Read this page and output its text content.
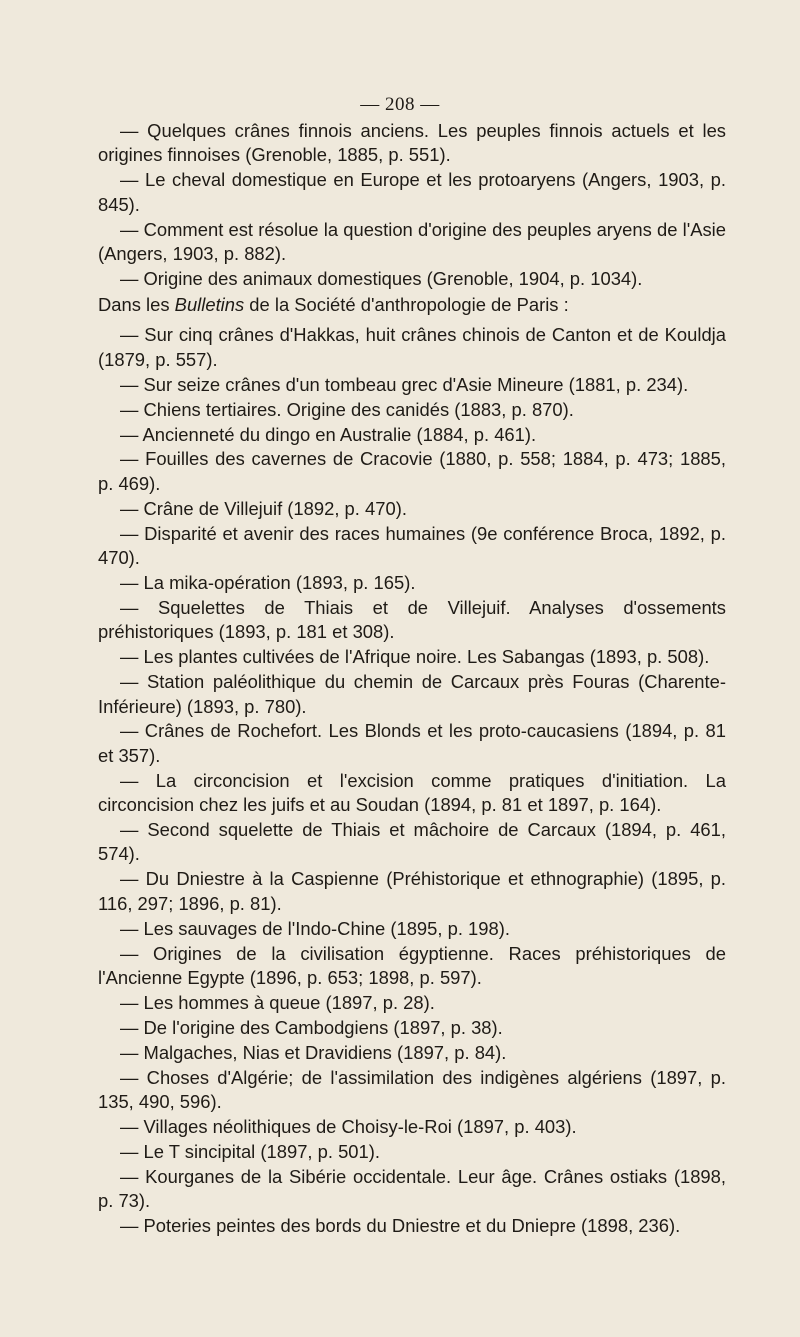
— 208 —

— Quelques crânes finnois anciens. Les peuples finnois actuels et les origines finnoises (Grenoble, 1885, p. 551).

— Le cheval domestique en Europe et les protoaryens (Angers, 1903, p. 845).

— Comment est résolue la question d'origine des peuples aryens de l'Asie (Angers, 1903, p. 882).

— Origine des animaux domestiques (Grenoble, 1904, p. 1034).

Dans les Bulletins de la Société d'anthropologie de Paris :

— Sur cinq crânes d'Hakkas, huit crânes chinois de Canton et de Kouldja (1879, p. 557).

— Sur seize crânes d'un tombeau grec d'Asie Mineure (1881, p. 234).

— Chiens tertiaires. Origine des canidés (1883, p. 870).

— Ancienneté du dingo en Australie (1884, p. 461).

— Fouilles des cavernes de Cracovie (1880, p. 558; 1884, p. 473; 1885, p. 469).

— Crâne de Villejuif (1892, p. 470).

— Disparité et avenir des races humaines (9e conférence Broca, 1892, p. 470).

— La mika-opération (1893, p. 165).

— Squelettes de Thiais et de Villejuif. Analyses d'ossements préhistoriques (1893, p. 181 et 308).

— Les plantes cultivées de l'Afrique noire. Les Sabangas (1893, p. 508).

— Station paléolithique du chemin de Carcaux près Fouras (Charente-Inférieure) (1893, p. 780).

— Crânes de Rochefort. Les Blonds et les proto-caucasiens (1894, p. 81 et 357).

— La circoncision et l'excision comme pratiques d'initiation. La circoncision chez les juifs et au Soudan (1894, p. 81 et 1897, p. 164).

— Second squelette de Thiais et mâchoire de Carcaux (1894, p. 461, 574).

— Du Dniestre à la Caspienne (Préhistorique et ethnographie) (1895, p. 116, 297; 1896, p. 81).

— Les sauvages de l'Indo-Chine (1895, p. 198).

— Origines de la civilisation égyptienne. Races préhistoriques de l'Ancienne Egypte (1896, p. 653; 1898, p. 597).

— Les hommes à queue (1897, p. 28).

— De l'origine des Cambodgiens (1897, p. 38).

— Malgaches, Nias et Dravidiens (1897, p. 84).

— Choses d'Algérie; de l'assimilation des indigènes algériens (1897, p. 135, 490, 596).

— Villages néolithiques de Choisy-le-Roi (1897, p. 403).

— Le T sincipital (1897, p. 501).

— Kourganes de la Sibérie occidentale. Leur âge. Crânes ostiaks (1898, p. 73).

— Poteries peintes des bords du Dniestre et du Dniepre (1898, 236).
